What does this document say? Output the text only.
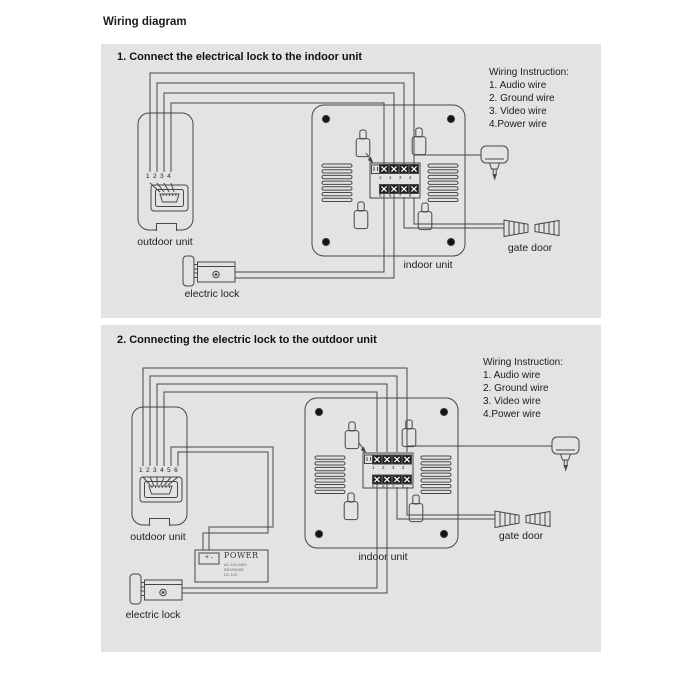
Wiring diagram
1. Connect the electrical lock to the indoor unit
Wiring Instruction:
1. Audio wire
2. Ground wire
3. Video wire
4.Power wire
1 2 3 4	1 2 3 4
5 6 7 8
outdoor unit
indoor unit
gate door
electric lock
2. Connecting the electric lock to the outdoor unit
Wiring Instruction:
1. Audio wire
2. Ground wire
3. Video wire
4.Power wire
1 2 3 4 5 6	1 2 3 4
5 6 7 8
+ -	POWER
AC 100-240V
50HZ/60HZ
DC 12V
outdoor unit
indoor unit
gate door
electric lock
